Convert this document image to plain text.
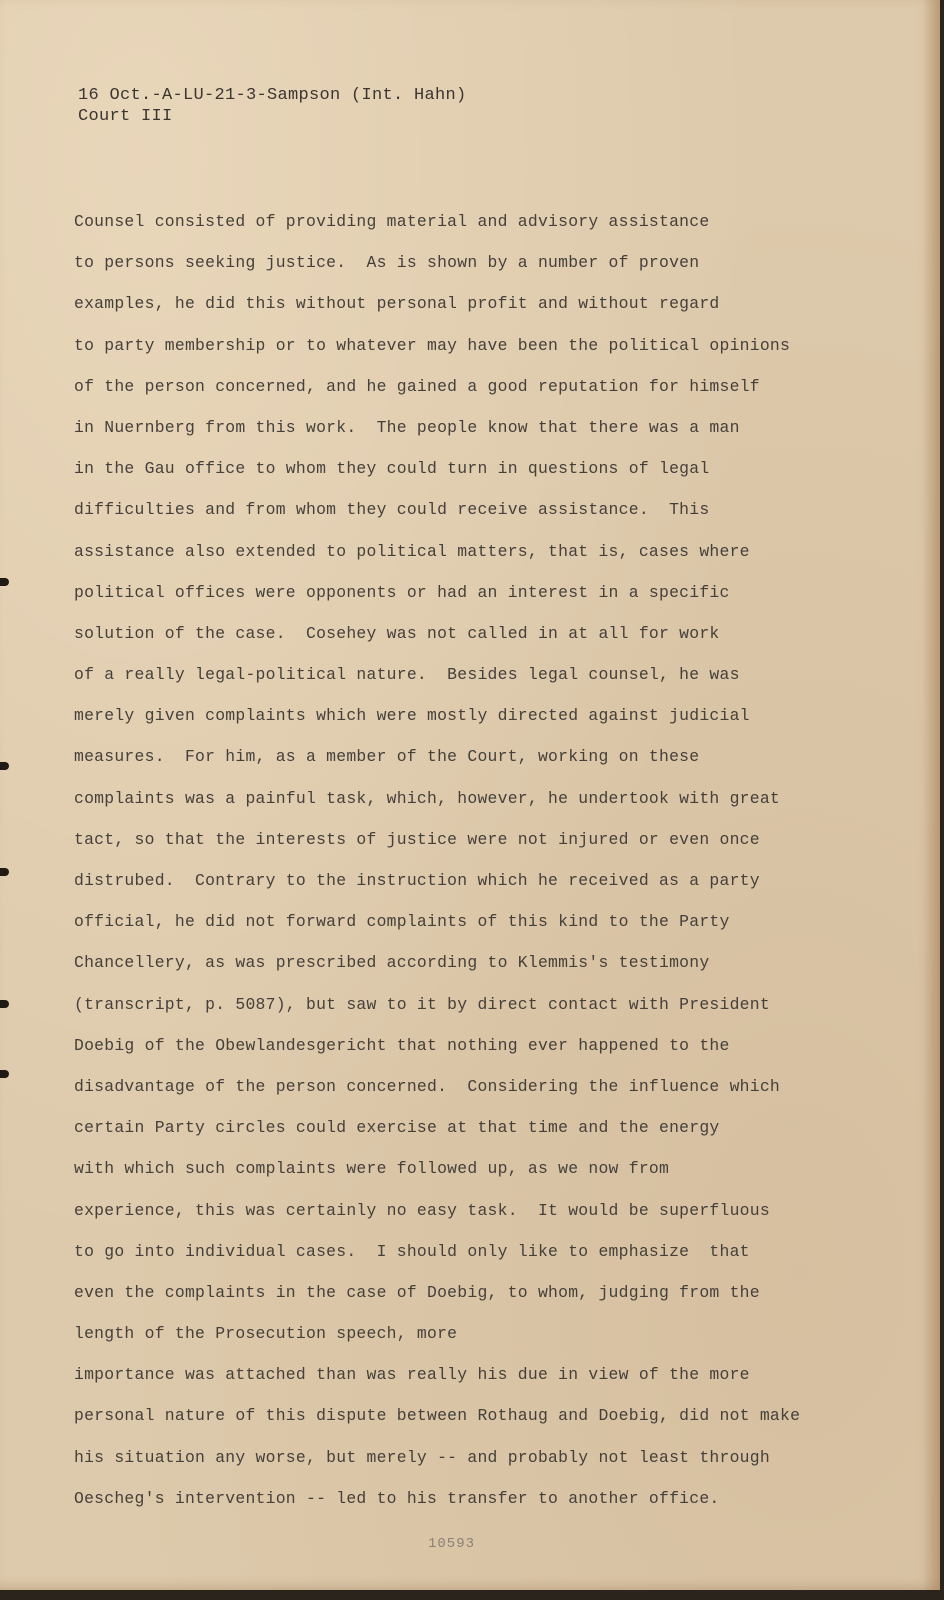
16 Oct.-A-LU-21-3-Sampson (Int. Hahn)
Court III
Counsel consisted of providing material and advisory assistance
to persons seeking justice.  As is shown by a number of proven
examples, he did this without personal profit and without regard
to party membership or to whatever may have been the political opinions
of the person concerned, and he gained a good reputation for himself
in Nuernberg from this work.  The people know that there was a man
in the Gau office to whom they could turn in questions of legal
difficulties and from whom they could receive assistance.  This
assistance also extended to political matters, that is, cases where
political offices were opponents or had an interest in a specific
solution of the case.  Cosehey was not called in at all for work
of a really legal-political nature.  Besides legal counsel, he was
merely given complaints which were mostly directed against judicial
measures.  For him, as a member of the Court, working on these
complaints was a painful task, which, however, he undertook with great
tact, so that the interests of justice were not injured or even once
distrubed.  Contrary to the instruction which he received as a party
official, he did not forward complaints of this kind to the Party
Chancellery, as was prescribed according to Klemmis's testimony
(transcript, p. 5087), but saw to it by direct contact with President
Doebig of the Obewlandesgericht that nothing ever happened to the
disadvantage of the person concerned.  Considering the influence which
certain Party circles could exercise at that time and the energy
with which such complaints were followed up, as we now from
experience, this was certainly no easy task.  It would be superfluous
to go into individual cases.  I should only like to emphasize  that
even the complaints in the case of Doebig, to whom, judging from the
length of the Prosecution speech, more
importance was attached than was really his due in view of the more
personal nature of this dispute between Rothaug and Doebig, did not make
his situation any worse, but merely -- and probably not least through
Oescheg's intervention -- led to his transfer to another office.
10593
